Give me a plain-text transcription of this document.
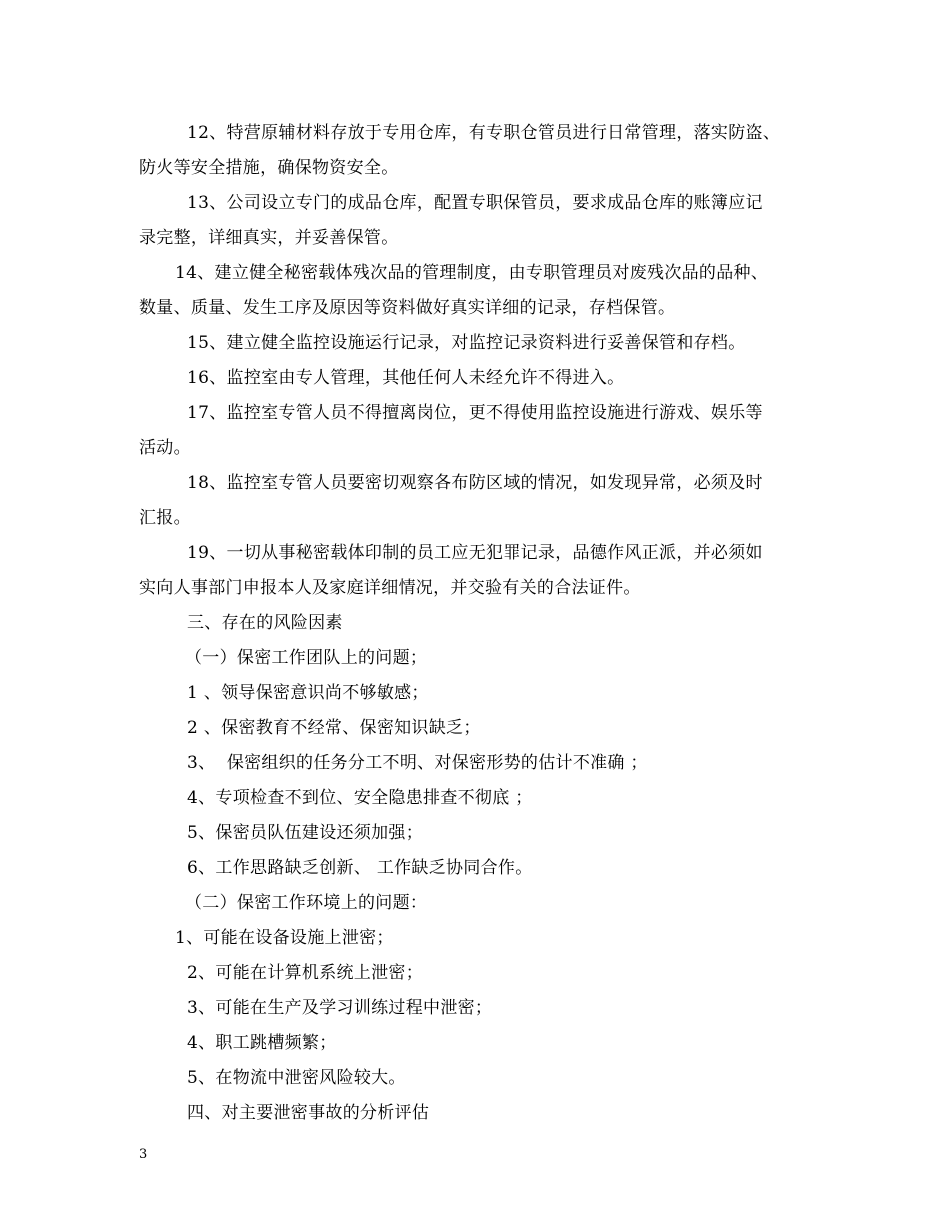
12、特营原辅材料存放于专用仓库，有专职仓管员进行日常管理，落实防盗、
防火等安全措施，确保物资安全。
13、公司设立专门的成品仓库，配置专职保管员，要求成品仓库的账簿应记
录完整，详细真实，并妥善保管。
14、建立健全秘密载体残次品的管理制度，由专职管理员对废残次品的品种、
数量、质量、发生工序及原因等资料做好真实详细的记录，存档保管。
15、建立健全监控设施运行记录，对监控记录资料进行妥善保管和存档。
16、监控室由专人管理，其他任何人未经允许不得进入。
17、监控室专管人员不得擅离岗位，更不得使用监控设施进行游戏、娱乐等
活动。
18、监控室专管人员要密切观察各布防区域的情况，如发现异常，必须及时
汇报。
19、一切从事秘密载体印制的员工应无犯罪记录，品德作风正派，并必须如
实向人事部门申报本人及家庭详细情况，并交验有关的合法证件。
三、存在的风险因素
（一）保密工作团队上的问题；
1 、领导保密意识尚不够敏感；
2 、保密教育不经常、保密知识缺乏；
3、  保密组织的任务分工不明、对保密形势的估计不准确 ；
4、专项检查不到位、安全隐患排查不彻底 ；
5、保密员队伍建设还须加强；
6、工作思路缺乏创新、 工作缺乏协同合作。
（二）保密工作环境上的问题：
1、可能在设备设施上泄密；
2、可能在计算机系统上泄密；
3、可能在生产及学习训练过程中泄密；
4、职工跳槽频繁；
5、在物流中泄密风险较大。
四、对主要泄密事故的分析评估
3
